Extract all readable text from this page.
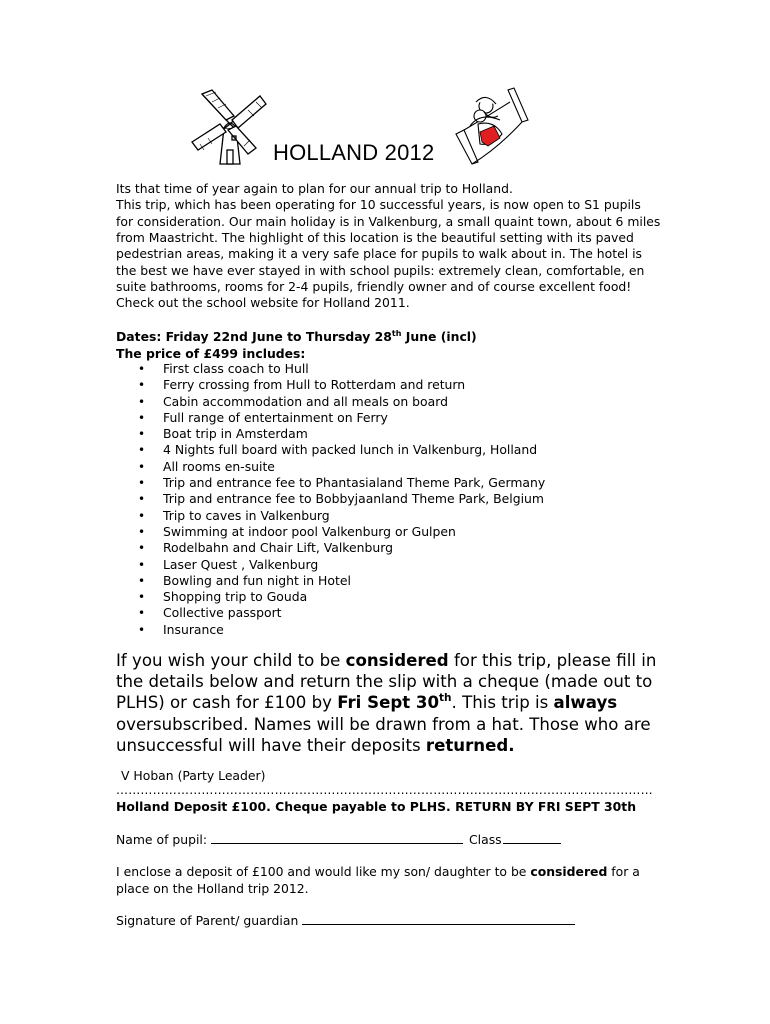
HOLLAND 2012

Its that time of year again to plan for our annual trip to Holland.

This trip, which has been operating for 10 successful years, is now open to S1 pupils for consideration. Our main holiday is in Valkenburg, a small quaint town, about 6 miles from Maastricht. The highlight of this location is the beautiful setting with its paved pedestrian areas, making it a very safe place for pupils to walk about in. The hotel is the best we have ever stayed in with school pupils: extremely clean, comfortable, en suite bathrooms, rooms for 2-4 pupils, friendly owner and of course excellent food! Check out the school website for Holland 2011.

Dates: Friday 22nd June to Thursday 28th June (incl)
The price of £499 includes:
• First class coach to Hull
• Ferry crossing from Hull to Rotterdam and return
• Cabin accommodation and all meals on board
• Full range of entertainment on Ferry
• Boat trip in Amsterdam
• 4 Nights full board with packed lunch in Valkenburg, Holland
• All rooms en-suite
• Trip and entrance fee to Phantasialand Theme Park, Germany
• Trip and entrance fee to Bobbyjaanland Theme Park, Belgium
• Trip to caves in Valkenburg
• Swimming at indoor pool Valkenburg or Gulpen
• Rodelbahn and Chair Lift, Valkenburg
• Laser Quest , Valkenburg
• Bowling and fun night in Hotel
• Shopping trip to Gouda
• Collective passport
• Insurance
If you wish your child to be considered for this trip, please fill in the details below and return the slip with a cheque (made out to PLHS) or cash for £100 by Fri Sept 30th. This trip is always oversubscribed. Names will be drawn from a hat. Those who are unsuccessful will have their deposits returned.
V Hoban (Party Leader)
……………………………………………………………………………………………………………………
Holland Deposit £100. Cheque payable to PLHS. RETURN BY FRI SEPT 30th
Name of pupil:	Class
I enclose a deposit of £100 and would like my son/ daughter to be considered for a place on the Holland trip 2012.
Signature of Parent/ guardian
